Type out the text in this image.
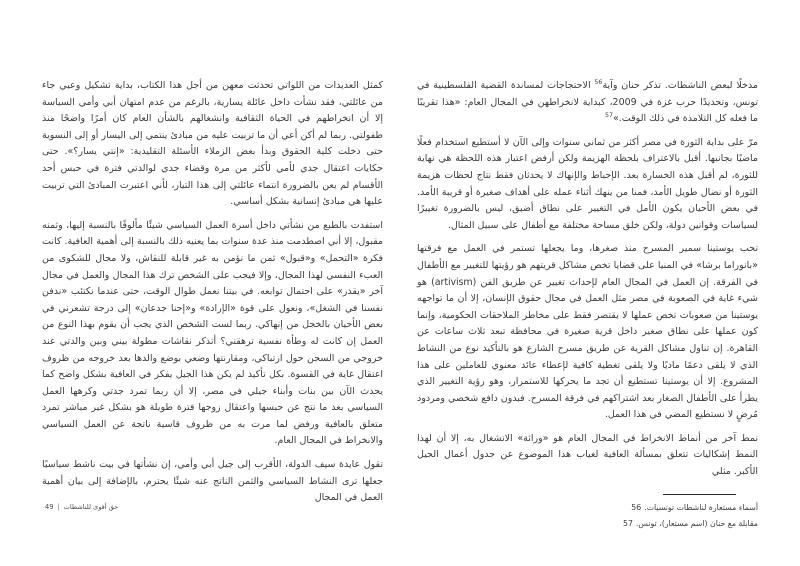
مدخلًا لبعض الناشطات. تذكر حنان وآية$^{56}$ الاحتجاجات لمساندة القضية الفلسطينية في تونس، وتحديدًا حرب غزة في 2009، كبداية لانخراطهن في المجال العام: «هذا تقريبًا ما فعله كل التلامذة في ذلك الوقت.»$^{57}$

مرّ على بداية الثورة في مصر أكثر من ثماني سنوات وإلى الآن لا أستطيع استخدام فعلًا ماضيًا بجانبها. أقبل بالاعتراف بلحظة الهزيمة ولكن أرفض اعتبار هذه اللحظة هي نهاية للثورة، لم أقبل هذه الخسارة بعد. الإحباط والإنهاك لا يحدثان فقط نتاج لحظات هزيمة الثورة أو نضال طويل الأمد، فمنا من ينهك أثناء عمله على أهداف صغيرة أو قريبة الأمد. في بعض الأحيان يكون الأمل في التغيير على نطاق أضيق، ليس بالضرورة تغييرًا لسياسات وقوانين دولة، ولكن خلق مساحة مختلفة مع أطفال على سبيل المثال.

تحب يوستينا سمير المسرح منذ صغرها، وما يجعلها تستمر في العمل مع فرقتها «بانوراما برشا» في المنيا على قضايا تخص مشاكل قريتهم هو رؤيتها للتغيير مع الأطفال في الفرقة. إن العمل في المجال العام لإحداث تغيير عن طريق الفن (artivism) هو شيء غاية في الصعوبة في مصر مثل العمل في مجال حقوق الإنسان، إلا أن ما تواجهه يوستينا من صعوبات تخص عملها لا يقتصر فقط على مخاطر الملاحقات الحكومية، وإنما كون عملها على نطاق صغير داخل قرية صغيرة في محافظة تبعد ثلاث ساعات عن القاهرة. إن تناول مشاكل القرية عن طريق مسرح الشارع هو بالتأكيد نوع من النشاط الذي لا يلقى دعمًا ماديًا ولا يلقى تغطية كافية لإعطاء عائد معنوي للعاملين على هذا المشروع. إلا أن يوستينا تستطيع أن تجد ما يحركها للاستمرار، وهو رؤية التغيير الذي يطرأ على الأطفال الصغار بعد اشتراكهم في فرقة المسرح. فبدون دافع شخصي ومردود مُرضٍ لا نستطيع المضي في هذا العمل.

نمط آخر من أنماط الانخراط في المجال العام هو «وراثة» الانشغال به، إلا أن لهذا النمط إشكاليات تتعلق بمسألة العافية لغياب هذا الموضوع عن جدول أعمال الجيل الأكبر. مثلي

أسماء مستعارة لناشطات تونسيات.56
مقابلة مع حنان (اسم مستعار)، تونس.57

كمثل العديدات من اللواتي تحدثت معهن من أجل هذا الكتاب، بداية تشكيل وعيي جاء من عائلتي، فقد نشأت داخل عائلة يسارية، بالرغم من عدم امتهان أبي وأمي السياسة إلا أن انخراطهم في الحياة الثقافية وانشغالهم بالشأن العام كان أمرًا واضحًا منذ طفولتي. ربما لم أكن أعي أن ما تربيت عليه من مبادئ ينتمي إلى اليسار أو إلى النسوية حتى دخلت كلية الحقوق وبدأ بعض الزملاء الأسئلة التقليدية: «إنتي يسار؟». حتى حكايات اعتقال جدي لأمي لأكثر من مرة وقضاء جدي لوالدتي فترة في حبس أحد الأقسام لم يعن بالضرورة انتماء عائلتي إلى هذا التيار، لأني اعتبرت المبادئ التي تربيت عليها هي مبادئ إنسانية بشكل أساسي.

استفدت بالطبع من نشأتي داخل أسرة العمل السياسي شيئًا مألوفًا بالنسبة إليها، وثمنه مقبول، إلا أني اصطدمت منذ عدة سنوات بما يعنيه ذلك بالنسبة إلى أهمية العافية. كانت فكرة «التحمل» و«قبول» ثمن ما نؤمن به غير قابلة للنقاش، ولا مجال للشكوى من العبء النفسي لهذا المجال، وإلا فيجب على الشخص ترك هذا المجال والعمل في مجال آخر «يقدر» على احتمال توابعه. في بيتنا نعمل طوال الوقت، حتى عندما نكتئب «ندفن نفسنا في الشغل»، ونعول على قوة «الإرادة» و«إحنا جدعان» إلى درجة تشعرني في بعض الأحيان بالخجل من إنهاكي. ربما لست الشخص الذي يجب أن يقوم بهذا النوع من العمل إن كانت له وطأة نفسية ترهقني؟ أتذكر نقاشات مطولة بيني وبين والدتي عند خروجي من السجن حول ارتباكي، ومقارنتها وضعي بوضع والدها بعد خروجه من ظروف اعتقال غاية في القسوة. بكل تأكيد لم يكن هذا الجيل يفكر في العافية بشكل واضح كما يحدث الآن بين بنات وأبناء جيلي في مصر، إلا أن ربما تمرد جدتي وكرهها العمل السياسي بعد ما نتج عن حبسها واعتقال زوجها فترة طويلة هو بشكل غير مباشر تمرد متعلق بالعافية ورفض لما مرت به من ظروف قاسية ناتجة عن العمل السياسي والانخراط في المجال العام.

تقول عايدة سيف الدولة، الأقرب إلى جيل أبي وأمي، إن نشأتها في بيت ناشط سياسيًا جعلها ترى النشاط السياسي والثمن الناتج عنه شيئًا يحترم، بالإضافة إلى بيان أهمية العمل في المجال

حق أقوى للناشطات
|
49
